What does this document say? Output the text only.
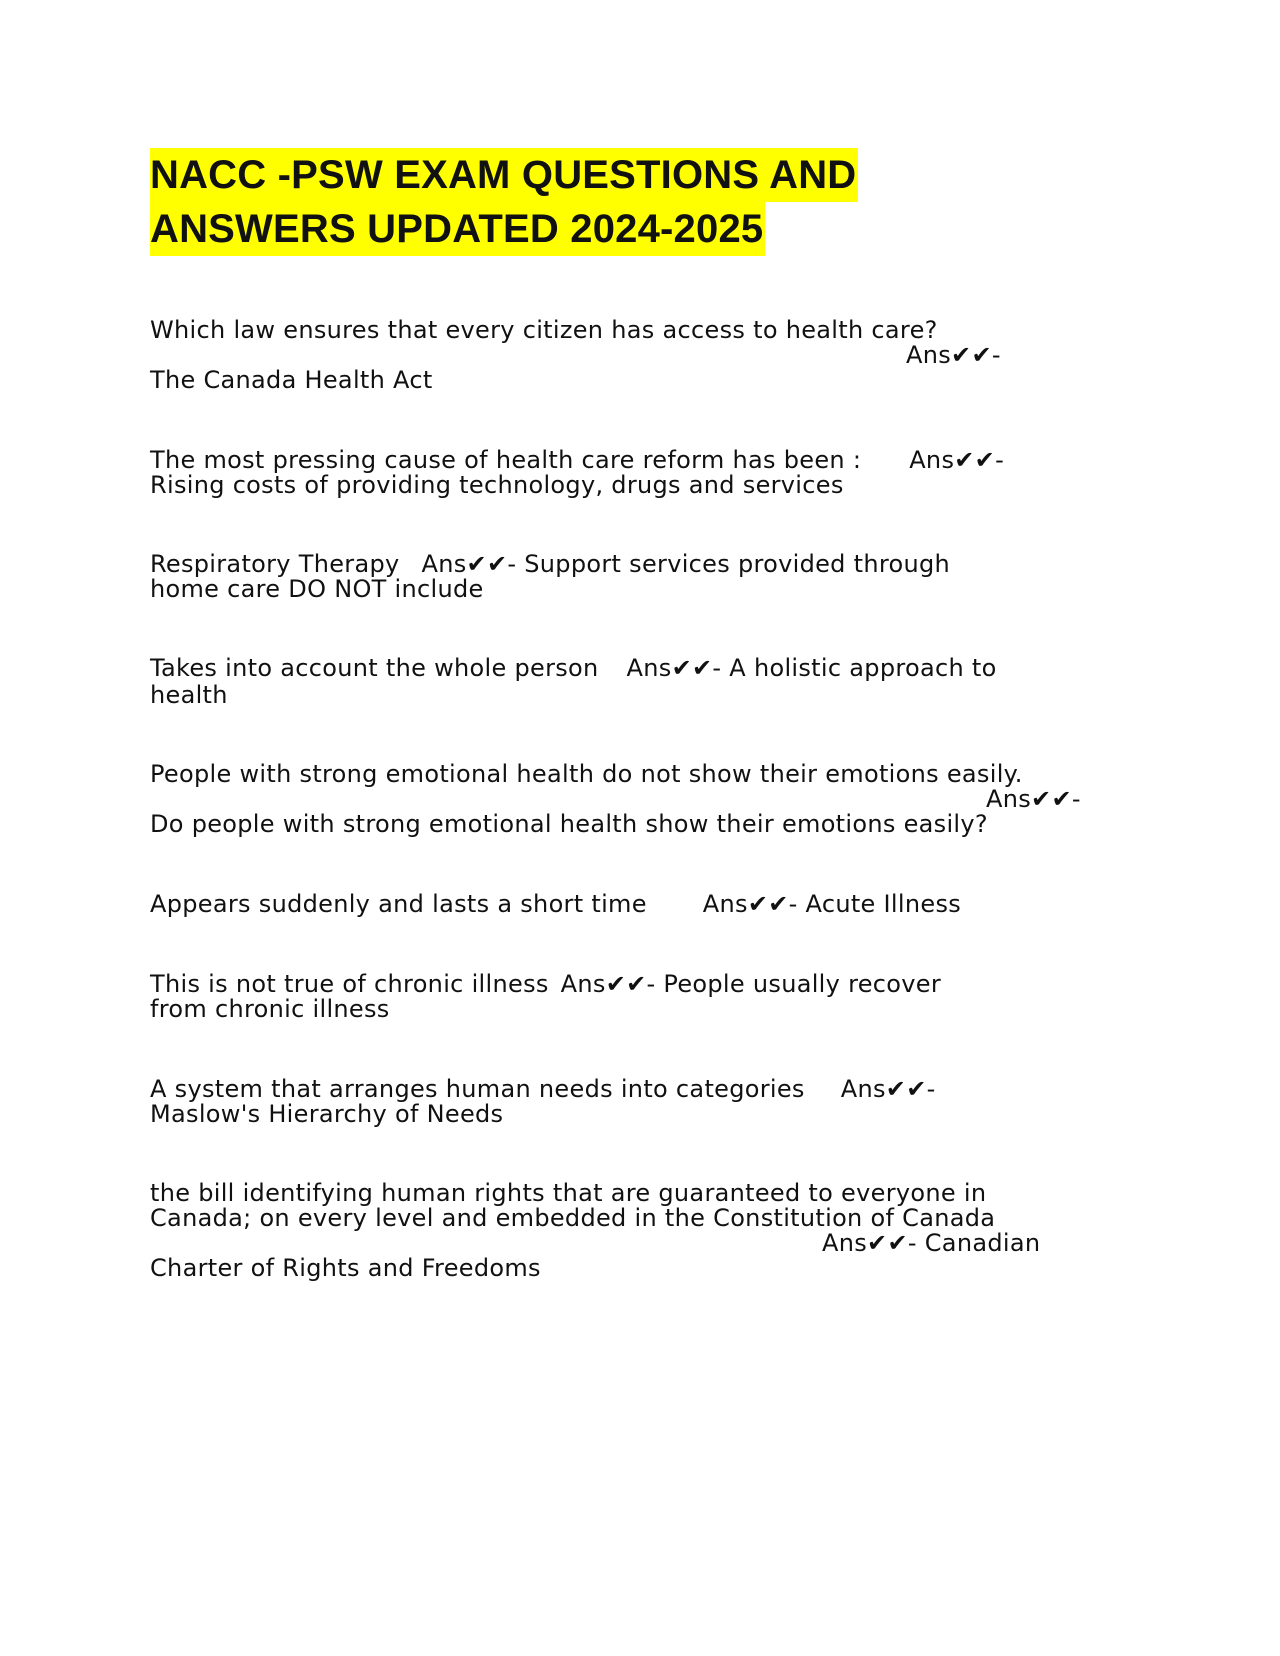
NACC -PSW EXAM QUESTIONS AND
ANSWERS UPDATED 2024-2025
Which law ensures that every citizen has access to health care?
Ans✔✔-
The Canada Health Act
The most pressing cause of health care reform has been : Ans✔✔-
Rising costs of providing technology, drugs and services
Respiratory Therapy Ans✔✔- Support services provided through
home care DO NOT include
Takes into account the whole person Ans✔✔- A holistic approach to
health
People with strong emotional health do not show their emotions easily.
Ans✔✔-
Do people with strong emotional health show their emotions easily?
Appears suddenly and lasts a short time Ans✔✔- Acute Illness
This is not true of chronic illness Ans✔✔- People usually recover
from chronic illness
A system that arranges human needs into categories Ans✔✔-
Maslow's Hierarchy of Needs
the bill identifying human rights that are guaranteed to everyone in
Canada; on every level and embedded in the Constitution of Canada
Ans✔✔- Canadian
Charter of Rights and Freedoms
